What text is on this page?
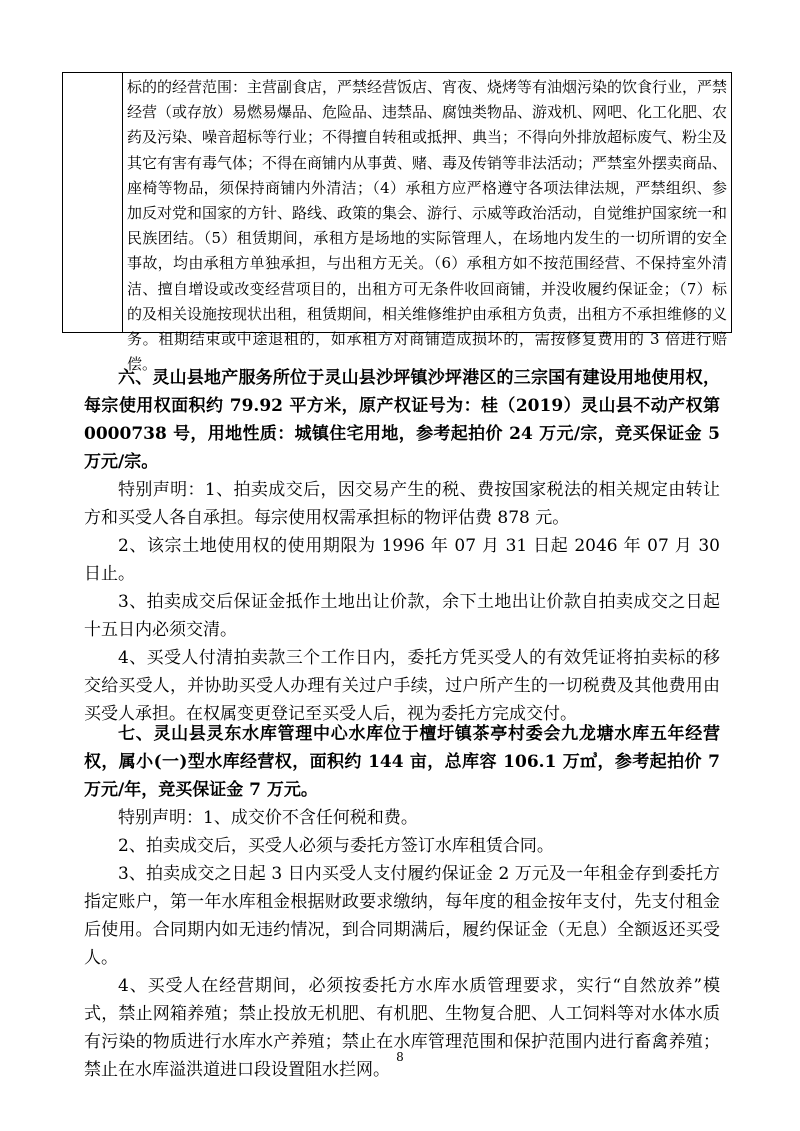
标的的经营范围：主营副食店，严禁经营饭店、宵夜、烧烤等有油烟污染的饮食行业，严禁经营（或存放）易燃易爆品、危险品、违禁品、腐蚀类物品、游戏机、网吧、化工化肥、农药及污染、噪音超标等行业；不得擅自转租或抵押、典当；不得向外排放超标废气、粉尘及其它有害有毒气体；不得在商铺内从事黄、赌、毒及传销等非法活动；严禁室外摆卖商品、座椅等物品，须保持商铺内外清洁；（4）承租方应严格遵守各项法律法规，严禁组织、参加反对党和国家的方针、路线、政策的集会、游行、示威等政治活动，自觉维护国家统一和民族团结。（5）租赁期间，承租方是场地的实际管理人，在场地内发生的一切所谓的安全事故，均由承租方单独承担，与出租方无关。（6）承租方如不按范围经营、不保持室外清洁、擅自增设或改变经营项目的，出租方可无条件收回商铺，并没收履约保证金；（7）标的及相关设施按现状出租，租赁期间，相关维修维护由承租方负责，出租方不承担维修的义务。租期结束或中途退租的，如承租方对商铺造成损坏的，需按修复费用的 3 倍进行赔偿。

六、灵山县地产服务所位于灵山县沙坪镇沙坪港区的三宗国有建设用地使用权，每宗使用权面积约 79.92 平方米，原产权证号为：桂（2019）灵山县不动产权第 0000738 号，用地性质：城镇住宅用地，参考起拍价 24 万元/宗，竞买保证金 5 万元/宗。

特别声明：1、拍卖成交后，因交易产生的税、费按国家税法的相关规定由转让方和买受人各自承担。每宗使用权需承担标的物评估费 878 元。

2、该宗土地使用权的使用期限为 1996 年 07 月 31 日起 2046 年 07 月 30 日止。

3、拍卖成交后保证金抵作土地出让价款，余下土地出让价款自拍卖成交之日起十五日内必须交清。

4、买受人付清拍卖款三个工作日内，委托方凭买受人的有效凭证将拍卖标的移交给买受人，并协助买受人办理有关过户手续，过户所产生的一切税费及其他费用由买受人承担。在权属变更登记至买受人后，视为委托方完成交付。

七、灵山县灵东水库管理中心水库位于檀圩镇茶亭村委会九龙塘水库五年经营权，属小(一)型水库经营权，面积约 144 亩，总库容 106.1 万㎥，参考起拍价 7 万元/年，竞买保证金 7 万元。

特别声明：1、成交价不含任何税和费。

2、拍卖成交后，买受人必须与委托方签订水库租赁合同。

3、拍卖成交之日起 3 日内买受人支付履约保证金 2 万元及一年租金存到委托方指定账户，第一年水库租金根据财政要求缴纳，每年度的租金按年支付，先支付租金后使用。合同期内如无违约情况，到合同期满后，履约保证金（无息）全额返还买受人。

4、买受人在经营期间，必须按委托方水库水质管理要求，实行“自然放养”模式，禁止网箱养殖；禁止投放无机肥、有机肥、生物复合肥、人工饲料等对水体水质有污染的物质进行水库水产养殖；禁止在水库管理范围和保护范围内进行畜禽养殖；禁止在水库溢洪道进口段设置阻水拦网。

8
